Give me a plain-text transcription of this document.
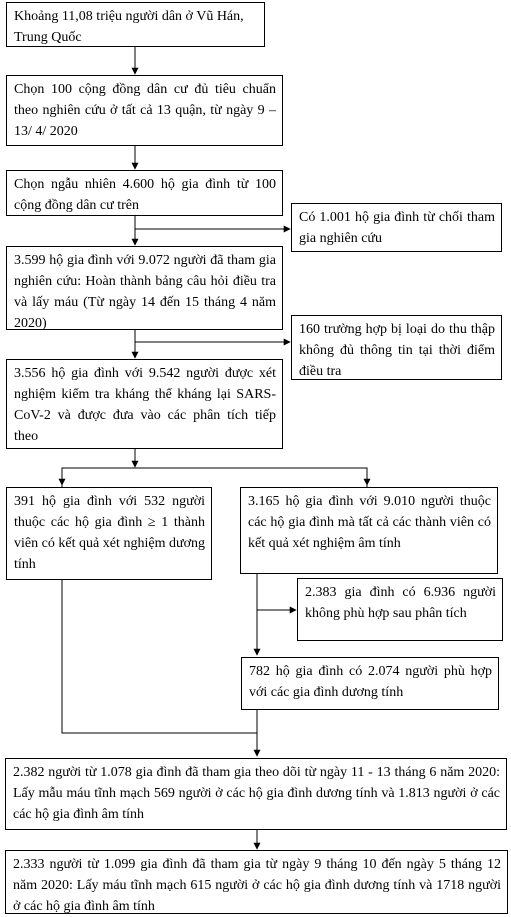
Khoảng 11,08 triệu người dân ở Vũ Hán, Trung Quốc
Chọn 100 cộng đồng dân cư đủ tiêu chuẩn theo nghiên cứu ở tất cả 13 quận, từ ngày 9 – 13/ 4/ 2020
Chọn ngẫu nhiên 4.600 hộ gia đình từ 100 cộng đồng dân cư trên
Có 1.001 hộ gia đình từ chối tham gia nghiên cứu
3.599 hộ gia đình với 9.072 người đã tham gia nghiên cứu: Hoàn thành bảng câu hỏi điều tra và lấy máu (Từ ngày 14 đến 15 tháng 4 năm 2020)	160 trường hợp bị loại do thu thập không đủ thông tin tại thời điểm điều tra
3.556 hộ gia đình với 9.542 người được xét nghiệm kiểm tra kháng thể kháng lại SARS-CoV-2 và được đưa vào các phân tích tiếp theo
391 hộ gia đình với 532 người thuộc các hộ gia đình ≥ 1 thành viên có kết quả xét nghiệm dương tính
3.165 hộ gia đình với 9.010 người thuộc các hộ gia đình mà tất cả các thành viên có kết quả xét nghiệm âm tính
2.383 gia đình có 6.936 người không phù hợp sau phân tích
782 hộ gia đình có 2.074 người phù hợp với các gia đình dương tính
2.382 người từ 1.078 gia đình đã tham gia theo dõi từ ngày 11 - 13 tháng 6 năm 2020: Lấy mẫu máu tĩnh mạch 569 người ở các hộ gia đình dương tính và 1.813 người ở các các hộ gia đình âm tính
2.333 người từ 1.099 gia đình đã tham gia từ ngày 9 tháng 10 đến ngày 5 tháng 12 năm 2020: Lấy máu tĩnh mạch 615 người ở các hộ gia đình dương tính và 1718 người ở các hộ gia đình âm tính
